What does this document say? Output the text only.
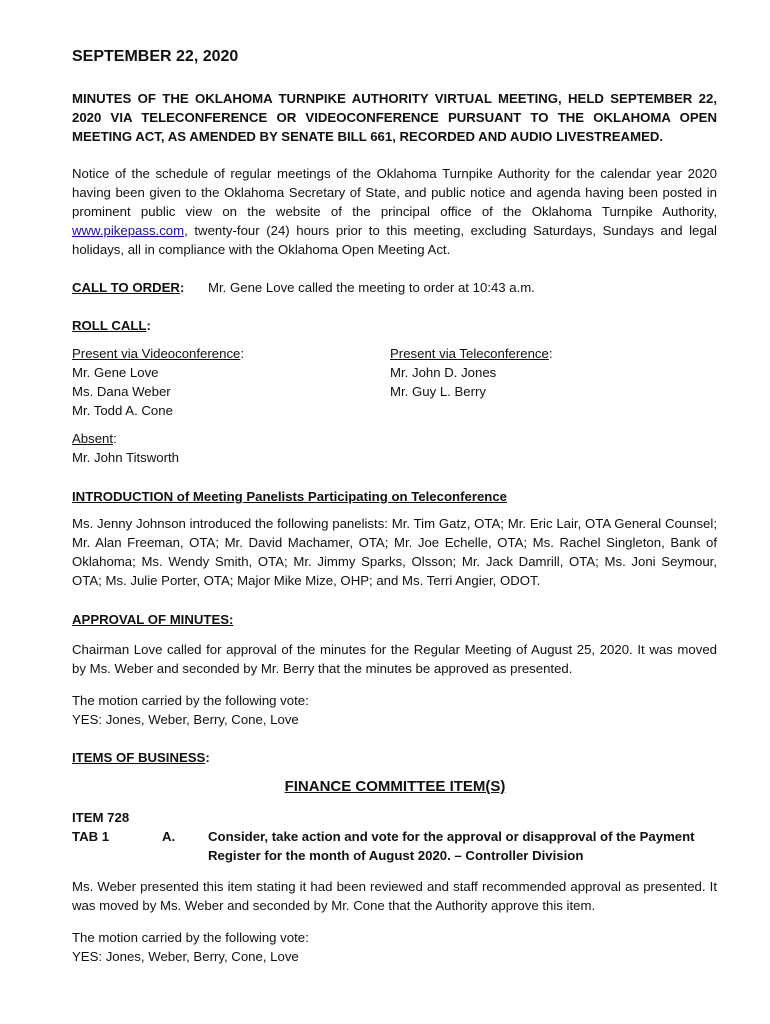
SEPTEMBER 22, 2020
MINUTES OF THE OKLAHOMA TURNPIKE AUTHORITY VIRTUAL MEETING, HELD SEPTEMBER 22, 2020 VIA TELECONFERENCE OR VIDEOCONFERENCE PURSUANT TO THE OKLAHOMA OPEN MEETING ACT, AS AMENDED BY SENATE BILL 661, RECORDED AND AUDIO LIVESTREAMED.
Notice of the schedule of regular meetings of the Oklahoma Turnpike Authority for the calendar year 2020 having been given to the Oklahoma Secretary of State, and public notice and agenda having been posted in prominent public view on the website of the principal office of the Oklahoma Turnpike Authority, www.pikepass.com, twenty-four (24) hours prior to this meeting, excluding Saturdays, Sundays and legal holidays, all in compliance with the Oklahoma Open Meeting Act.
CALL TO ORDER: Mr. Gene Love called the meeting to order at 10:43 a.m.
ROLL CALL:
Present via Videoconference:
Mr. Gene Love
Ms. Dana Weber
Mr. Todd A. Cone
Present via Teleconference:
Mr. John D. Jones
Mr. Guy L. Berry
Absent:
Mr. John Titsworth
INTRODUCTION of Meeting Panelists Participating on Teleconference
Ms. Jenny Johnson introduced the following panelists: Mr. Tim Gatz, OTA; Mr. Eric Lair, OTA General Counsel; Mr. Alan Freeman, OTA; Mr. David Machamer, OTA; Mr. Joe Echelle, OTA; Ms. Rachel Singleton, Bank of Oklahoma; Ms. Wendy Smith, OTA; Mr. Jimmy Sparks, Olsson; Mr. Jack Damrill, OTA; Ms. Joni Seymour, OTA; Ms. Julie Porter, OTA; Major Mike Mize, OHP; and Ms. Terri Angier, ODOT.
APPROVAL OF MINUTES:
Chairman Love called for approval of the minutes for the Regular Meeting of August 25, 2020. It was moved by Ms. Weber and seconded by Mr. Berry that the minutes be approved as presented.
The motion carried by the following vote:
YES: Jones, Weber, Berry, Cone, Love
ITEMS OF BUSINESS:
FINANCE COMMITTEE ITEM(S)
ITEM 728
TAB 1	A. Consider, take action and vote for the approval or disapproval of the Payment
Register for the month of August 2020. – Controller Division
Ms. Weber presented this item stating it had been reviewed and staff recommended approval as presented. It was moved by Ms. Weber and seconded by Mr. Cone that the Authority approve this item.
The motion carried by the following vote:
YES: Jones, Weber, Berry, Cone, Love
